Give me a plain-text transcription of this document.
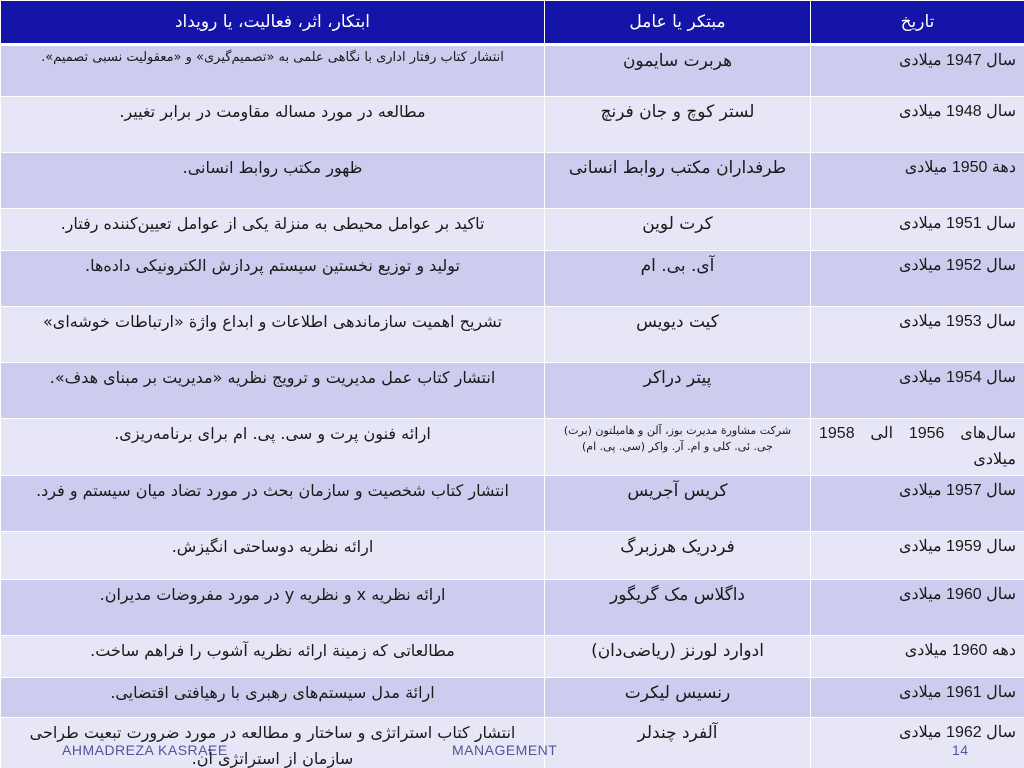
تاریخ	مبتکر یا عامل	ابتکار، اثر، فعالیت، یا رویداد
سال 1947 میلادی	هربرت سایمون	انتشار کتاب رفتار اداری با نگاهی علمی به «تصمیم‌گیری» و «معقولیت نسبی تصمیم».
سال 1948 میلادی	لستر کوچ و جان فرنچ	مطالعه در مورد مساله مقاومت در برابر تغییر.
دهة 1950 میلادی	طرفداران مکتب روابط انسانی	ظهور مکتب روابط انسانی.
سال 1951 میلادی	کرت لوین	تاکید بر عوامل محیطی به منزلة یکی از عوامل تعیین‌کننده رفتار.
سال 1952 میلادی	آی. بی. ام	تولید و توزیع نخستین سیستم پردازش الکترونیکی داده‌ها.
سال 1953 میلادی	کیت دیویس	تشریح اهمیت سازماندهی اطلاعات و ابداع واژة «ارتباطات خوشه‌ای»
سال 1954 میلادی	پیتر دراکر	انتشار کتاب عمل مدیریت و ترویج نظریه «مدیریت بر مبنای هدف».
سال‌های 1956 الی 1958 میلادی	شرکت مشاورة مدیرت بوز، آلن و هامیلتون (برت) جی. ئی. کلی و ام. آر. واکر (سی. پی. ام)	ارائه فنون پرت و سی. پی. ام برای برنامه‌ریزی.
سال 1957 میلادی	کریس آجریس	انتشار کتاب شخصیت و سازمان بحث در مورد تضاد میان سیستم و فرد.
سال 1959 میلادی	فردریک هرزبرگ	ارائه نظریه دوساحتی انگیزش.
سال 1960 میلادی	داگلاس مک گریگور	ارائه نظریه x و نظریه y در مورد مفروضات مدیران.
دهه 1960 میلادی	ادوارد لورنز (ریاضی‌دان)	مطالعاتی که زمینة ارائه نظریه آشوب را فراهم ساخت.
سال 1961 میلادی	رنسیس لیکرت	ارائة مدل سیستم‌های رهبری با رهیافتی اقتضایی.
سال 1962 میلادی	آلفرد چندلر	انتشار کتاب استراتژی و ساختار و مطالعه در مورد ضرورت تبعیت طراحی سازمان از استراتژی آن.
AHMADREZA KASRAEE	MANAGEMENT	14
